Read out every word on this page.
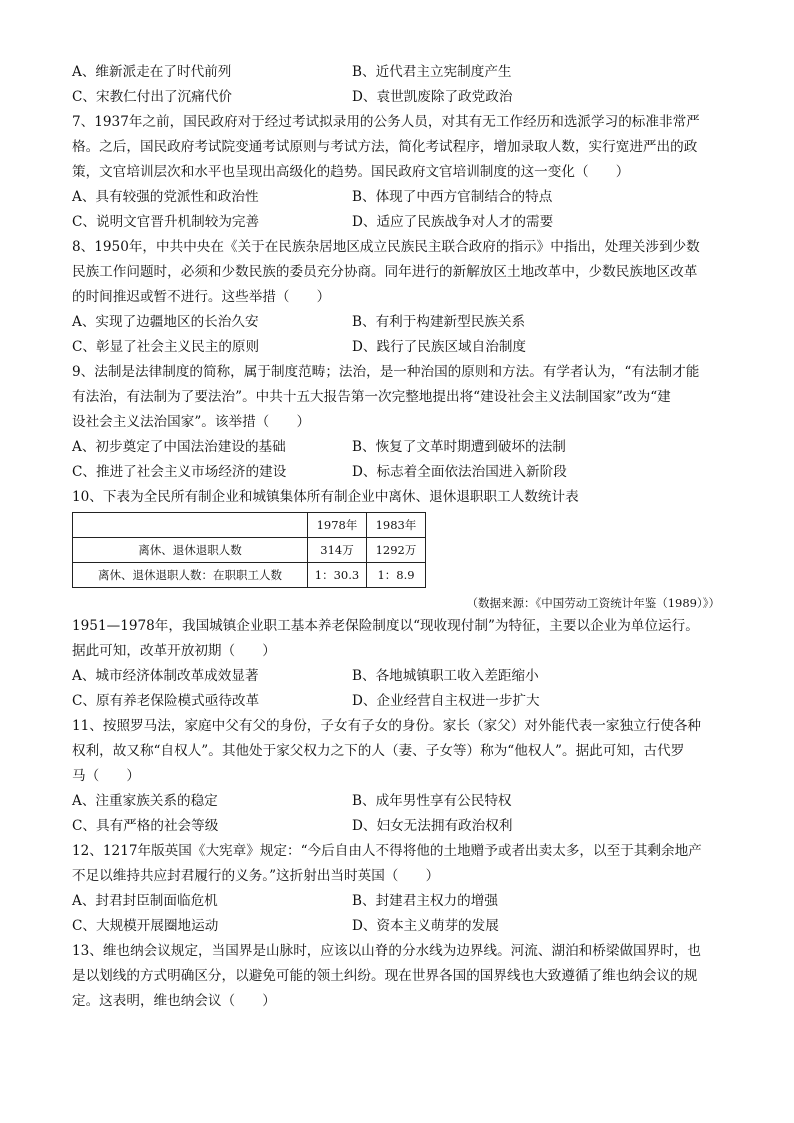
A、维新派走在了时代前列	B、近代君主立宪制度产生
C、宋教仁付出了沉痛代价	D、袁世凯废除了政党政治
7、1937年之前，国民政府对于经过考试拟录用的公务人员，对其有无工作经历和选派学习的标准非常严
格。之后，国民政府考试院变通考试原则与考试方法，简化考试程序，增加录取人数，实行宽进严出的政
策，文官培训层次和水平也呈现出高级化的趋势。国民政府文官培训制度的这一变化（　　）
A、具有较强的党派性和政治性	B、体现了中西方官制结合的特点
C、说明文官晋升机制较为完善	D、适应了民族战争对人才的需要
8、1950年，中共中央在《关于在民族杂居地区成立民族民主联合政府的指示》中指出，处理关涉到少数
民族工作问题时，必须和少数民族的委员充分协商。同年进行的新解放区土地改革中，少数民族地区改革
的时间推迟或暂不进行。这些举措（　　）
A、实现了边疆地区的长治久安	B、有利于构建新型民族关系
C、彰显了社会主义民主的原则	D、践行了民族区域自治制度
9、法制是法律制度的简称，属于制度范畴；法治，是一种治国的原则和方法。有学者认为，“有法制才能
有法治，有法制为了要法治”。中共十五大报告第一次完整地提出将“建设社会主义法制国家”改为“建
设社会主义法治国家”。该举措（　　）
A、初步奠定了中国法治建设的基础	B、恢复了文革时期遭到破坏的法制
C、推进了社会主义市场经济的建设	D、标志着全面依法治国进入新阶段
10、下表为全民所有制企业和城镇集体所有制企业中离休、退休退职职工人数统计表
	1978年	1983年
离休、退休退职人数	314万	1292万
离休、退休退职人数：在职职工人数	1：30.3	1：8.9
（数据来源：《中国劳动工资统计年鉴（1989）》）
1951—1978年，我国城镇企业职工基本养老保险制度以“现收现付制”为特征，主要以企业为单位运行。
据此可知，改革开放初期（　　）
A、城市经济体制改革成效显著	B、各地城镇职工收入差距缩小
C、原有养老保险模式亟待改革	D、企业经营自主权进一步扩大
11、按照罗马法，家庭中父有父的身份，子女有子女的身份。家长（家父）对外能代表一家独立行使各种
权利，故又称“自权人”。其他处于家父权力之下的人（妻、子女等）称为“他权人”。据此可知，古代罗
马（　　）
A、注重家族关系的稳定	B、成年男性享有公民特权
C、具有严格的社会等级	D、妇女无法拥有政治权利
12、1217年版英国《大宪章》规定：“今后自由人不得将他的土地赠予或者出卖太多，以至于其剩余地产
不足以维持共应封君履行的义务。”这折射出当时英国（　　）
A、封君封臣制面临危机	B、封建君主权力的增强
C、大规模开展圈地运动	D、资本主义萌芽的发展
13、维也纳会议规定，当国界是山脉时，应该以山脊的分水线为边界线。河流、湖泊和桥梁做国界时，也
是以划线的方式明确区分，以避免可能的领土纠纷。现在世界各国的国界线也大致遵循了维也纳会议的规
定。这表明，维也纳会议（　　）
